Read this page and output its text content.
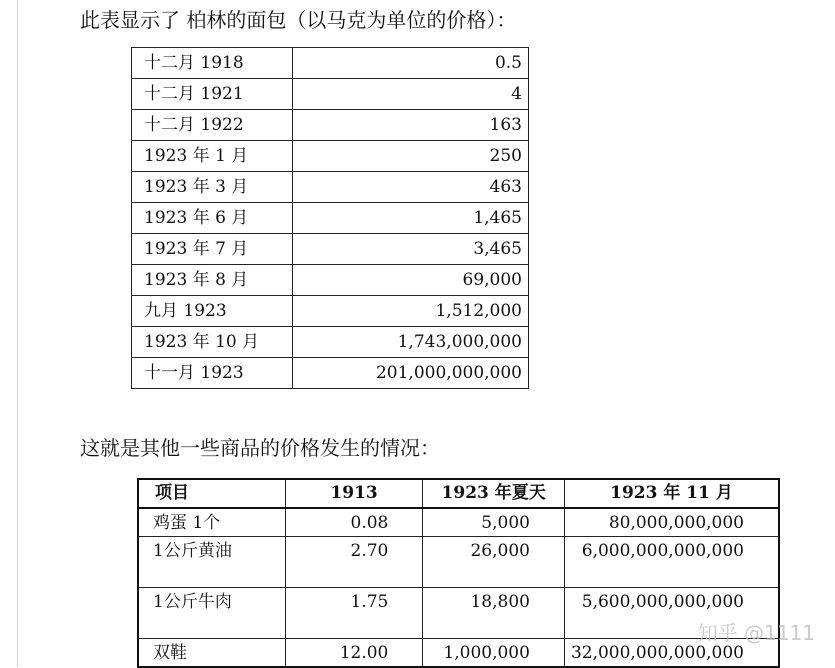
此表显示了 柏林的面包（以马克为单位的价格）：
十二月 1918	0.5
十二月 1921	4
十二月 1922	163
1923 年 1 月	250
1923 年 3 月	463
1923 年 6 月	1,465
1923 年 7 月	3,465
1923 年 8 月	69,000
九月 1923	1,512,000
1923 年 10 月	1,743,000,000
十一月 1923	201,000,000,000
这就是其他一些商品的价格发生的情况：
项目	1913	1923 年夏天	1923 年 11 月
鸡蛋 1个	0.08	5,000	80,000,000,000
1公斤黄油	2.70	26,000	6,000,000,000,000
1公斤牛肉	1.75	18,800	5,600,000,000,000
双鞋	12.00	1,000,000	32,000,000,000,000
知乎 @1111
